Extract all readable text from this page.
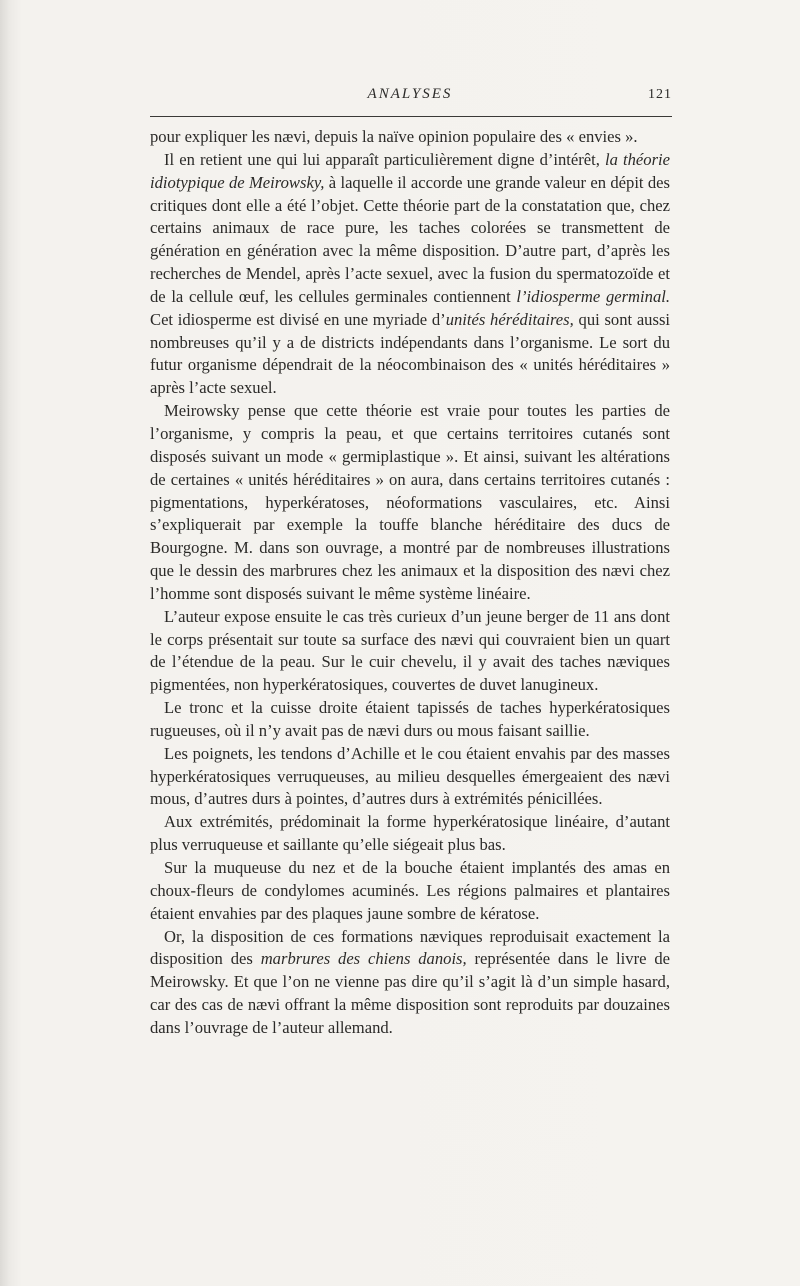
ANALYSES	121

pour expliquer les nævi, depuis la naïve opinion populaire des « envies ».

Il en retient une qui lui apparaît particulièrement digne d’intérêt, la théorie idiotypique de Meirowsky, à laquelle il accorde une grande valeur en dépit des critiques dont elle a été l’objet. Cette théorie part de la constatation que, chez certains animaux de race pure, les taches colorées se transmettent de génération en génération avec la même disposition. D’autre part, d’après les recherches de Mendel, après l’acte sexuel, avec la fusion du spermatozoïde et de la cellule œuf, les cellules germinales contiennent l’idiosperme germinal. Cet idiosperme est divisé en une myriade d’unités héréditaires, qui sont aussi nombreuses qu’il y a de districts indépendants dans l’organisme. Le sort du futur organisme dépendrait de la néocombinaison des « unités héréditaires » après l’acte sexuel.

Meirowsky pense que cette théorie est vraie pour toutes les parties de l’organisme, y compris la peau, et que certains territoires cutanés sont disposés suivant un mode « germiplastique ». Et ainsi, suivant les altérations de certaines « unités héréditaires » on aura, dans certains territoires cutanés : pigmentations, hyperkératoses, néoformations vasculaires, etc. Ainsi s’expliquerait par exemple la touffe blanche héréditaire des ducs de Bourgogne. M. dans son ouvrage, a montré par de nombreuses illustrations que le dessin des marbrures chez les animaux et la disposition des nævi chez l’homme sont disposés suivant le même système linéaire.

L’auteur expose ensuite le cas très curieux d’un jeune berger de 11 ans dont le corps présentait sur toute sa surface des nævi qui couvraient bien un quart de l’étendue de la peau. Sur le cuir chevelu, il y avait des taches næviques pigmentées, non hyperkératosiques, couvertes de duvet lanugineux.

Le tronc et la cuisse droite étaient tapissés de taches hyperkératosiques rugueuses, où il n’y avait pas de nævi durs ou mous faisant saillie.

Les poignets, les tendons d’Achille et le cou étaient envahis par des masses hyperkératosiques verruqueuses, au milieu desquelles émergeaient des nævi mous, d’autres durs à pointes, d’autres durs à extrémités pénicillées.

Aux extrémités, prédominait la forme hyperkératosique linéaire, d’autant plus verruqueuse et saillante qu’elle siégeait plus bas.

Sur la muqueuse du nez et de la bouche étaient implantés des amas en choux-fleurs de condylomes acuminés. Les régions palmaires et plantaires étaient envahies par des plaques jaune sombre de kératose.

Or, la disposition de ces formations næviques reproduisait exactement la disposition des marbrures des chiens danois, représentée dans le livre de Meirowsky. Et que l’on ne vienne pas dire qu’il s’agit là d’un simple hasard, car des cas de nævi offrant la même disposition sont reproduits par douzaines dans l’ouvrage de l’auteur allemand.
